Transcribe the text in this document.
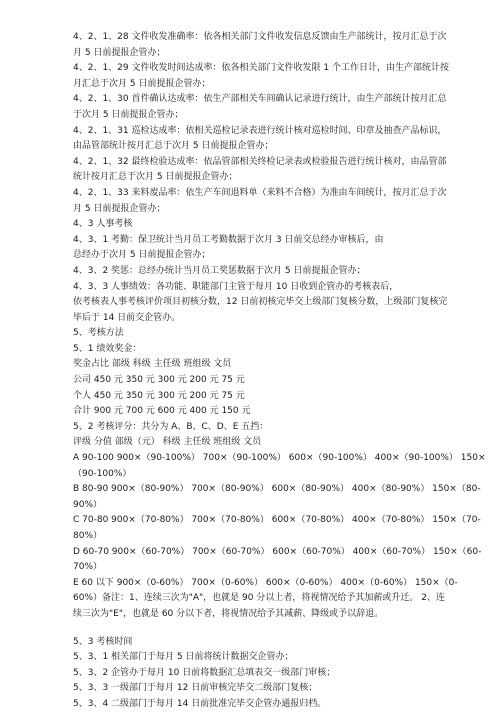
4、2、1、28 文件收发准确率：依各相关部门文件收发信息反馈由生产部统计，按月汇总于次
月 5 日前提报企管办；
4、2、1、29 文件收发时间达成率：依各相关部门文件收发限 1 个工作日计，由生产部统计按
月汇总于次月 5 日前提报企管办；
4、2、1、30 首件确认达成率：依生产部相关车间确认记录进行统计，由生产部统计按月汇总
于次月 5 日前提报企管办；
4、2、1、31 巡检达成率：依相关巡检记录表进行统计核对巡检时间、印章及抽查产品标识，
由品管部统计按月汇总于次月 5 日前提报企管办；
4、2、1、32 最终检验达成率：依品管部相关终检记录表或检验报告进行统计核对，由品管部
统计按月汇总于次月 5 日前提报企管办；
4、2、1、33 来料废品率：依生产车间退料单（来料不合格）为准由车间统计，按月汇总于次
月 5 日前提报企管办；
4、3 人事考核
4、3、1 考勤：保卫统计当月员工考勤数据于次月 3 日前交总经办审核后，由
总经办于次月 5 日前提报企管办；
4、3、2 奖惩：总经办统计当月员工奖惩数据于次月 5 日前提报企管办；
4、3、3 人事绩效：各功能、职能部门主管于每月 10 日收到企管办的考核表后，
依考核表人事考核评价项目初核分数，12 日前初核完毕交上级部门复核分数，上级部门复核完
毕后于 14 日前交企管办。
5、考核方法
5、1 绩效奖金：
奖金占比 部级 科级 主任级 班组级 文员
公司 450 元 350 元 300 元 200 元 75 元
个人 450 元 350 元 300 元 200 元 75 元
合计 900 元 700 元 600 元 400 元 150 元
5、2 考核评分：共分为 A、B、C、D、E 五挡：
评级 分值 部级（元） 科级 主任级 班组级 文员
A 90-100 900×（90-100%） 700×（90-100%） 600×（90-100%） 400×（90-100%） 150×
（90-100%）
B 80-90 900×（80-90%） 700×（80-90%） 600×（80-90%） 400×（80-90%） 150×（80-
90%）
C 70-80 900×（70-80%） 700×（70-80%） 600×（70-80%） 400×（70-80%） 150×（70-
80%）
D 60-70 900×（60-70%） 700×（60-70%） 600×（60-70%） 400×（60-70%） 150×（60-
70%）
E 60 以下 900×（0-60%） 700×（0-60%） 600×（0-60%） 400×（0-60%） 150×（0-
60%）备注：1、连续三次为"A"，也就是 90 分以上者，将视情况给予其加薪或升迁。 2、连
续三次为"E"，也就是 60 分以下者，将视情况给予其减薪、降级或予以辞退。
5、3 考核时间
5、3、1 相关部门于每月 5 日前将统计数据交企管办；
5、3、2 企管办于每月 10 日前将数据汇总填表交一级部门审核；
5、3、3 一级部门于每月 12 日前审核完毕交二级部门复核；
5、3、4 二级部门于每月 14 日前批准完毕交企管办通报归档。
